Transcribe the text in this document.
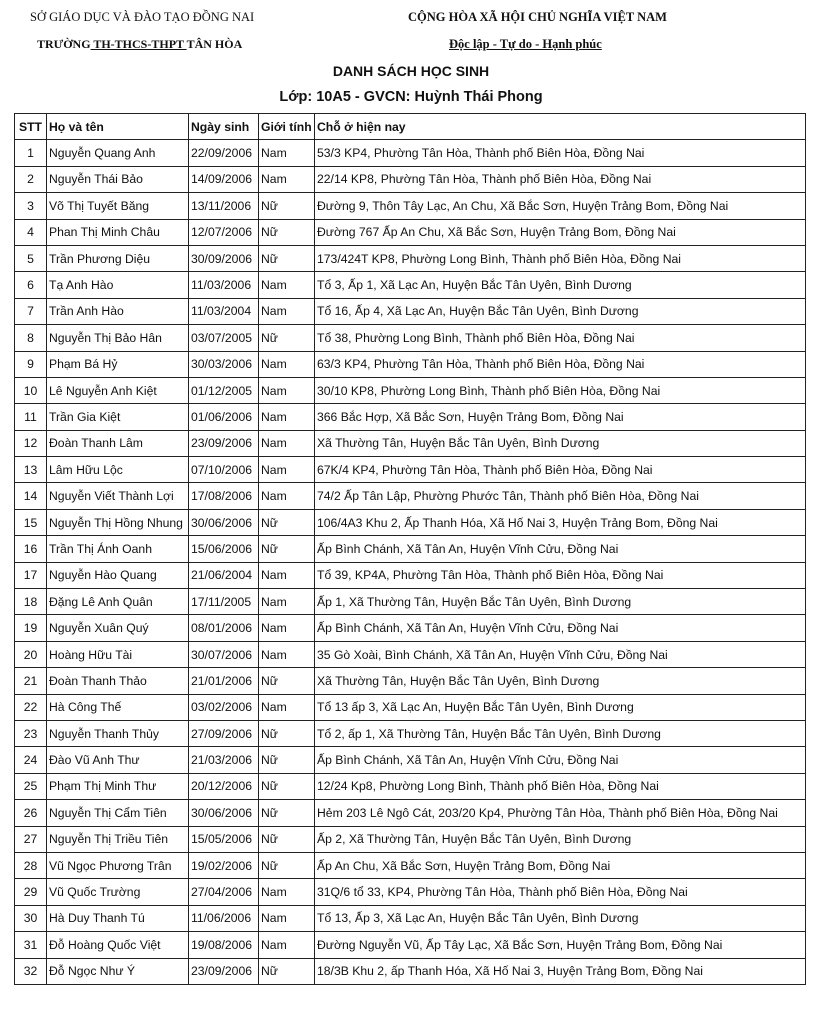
SỞ GIÁO DỤC VÀ ĐÀO TẠO ĐỒNG NAI
TRƯỜNG TH-THCS-THPT TÂN HÒA
CỘNG HÒA XÃ HỘI CHỦ NGHĨA VIỆT NAM
Độc lập - Tự do - Hạnh phúc
DANH SÁCH HỌC SINH
Lớp: 10A5 - GVCN: Huỳnh Thái Phong
STT	Họ và tên	Ngày sinh	Giới tính	Chỗ ở hiện nay
1	Nguyễn Quang Anh	22/09/2006	Nam	53/3 KP4, Phường Tân Hòa, Thành phố Biên Hòa, Đồng Nai
2	Nguyễn Thái Bảo	14/09/2006	Nam	22/14 KP8, Phường Tân Hòa, Thành phố Biên Hòa, Đồng Nai
3	Võ Thị Tuyết Băng	13/11/2006	Nữ	Đường 9, Thôn Tây Lạc, An Chu, Xã Bắc Sơn, Huyện Trảng Bom, Đồng Nai
4	Phan Thị Minh Châu	12/07/2006	Nữ	Đường 767 Ấp An Chu, Xã Bắc Sơn, Huyện Trảng Bom, Đồng Nai
5	Trần Phương Diệu	30/09/2006	Nữ	173/424T KP8, Phường Long Bình, Thành phố Biên Hòa, Đồng Nai
6	Tạ Anh Hào	11/03/2006	Nam	Tổ 3, Ấp 1, Xã Lạc An, Huyện Bắc Tân Uyên, Bình Dương
7	Trần Anh Hào	11/03/2004	Nam	Tổ 16, Ấp 4, Xã Lạc An, Huyện Bắc Tân Uyên, Bình Dương
8	Nguyễn Thị Bảo Hân	03/07/2005	Nữ	Tổ 38, Phường Long Bình, Thành phố Biên Hòa, Đồng Nai
9	Phạm Bá Hỷ	30/03/2006	Nam	63/3 KP4, Phường Tân Hòa, Thành phố Biên Hòa, Đồng Nai
10	Lê Nguyễn Anh Kiệt	01/12/2005	Nam	30/10 KP8, Phường Long Bình, Thành phố Biên Hòa, Đồng Nai
11	Trần Gia Kiệt	01/06/2006	Nam	366 Bắc Hợp, Xã Bắc Sơn, Huyện Trảng Bom, Đồng Nai
12	Đoàn Thanh Lâm	23/09/2006	Nam	Xã Thường Tân, Huyện Bắc Tân Uyên, Bình Dương
13	Lâm Hữu Lộc	07/10/2006	Nam	67K/4 KP4, Phường Tân Hòa, Thành phố Biên Hòa, Đồng Nai
14	Nguyễn Viết Thành Lợi	17/08/2006	Nam	74/2 Ấp Tân Lập, Phường Phước Tân, Thành phố Biên Hòa, Đồng Nai
15	Nguyễn Thị Hồng Nhung	30/06/2006	Nữ	106/4A3 Khu 2, Ấp Thanh Hóa, Xã Hố Nai 3, Huyện Trảng Bom, Đồng Nai
16	Trần Thị Ánh Oanh	15/06/2006	Nữ	Ấp Bình Chánh, Xã Tân An, Huyện Vĩnh Cửu, Đồng Nai
17	Nguyễn Hào Quang	21/06/2004	Nam	Tổ 39, KP4A, Phường Tân Hòa, Thành phố Biên Hòa, Đồng Nai
18	Đặng Lê Anh Quân	17/11/2005	Nam	Ấp 1, Xã Thường Tân, Huyện Bắc Tân Uyên, Bình Dương
19	Nguyễn Xuân Quý	08/01/2006	Nam	Ấp Bình Chánh, Xã Tân An, Huyện Vĩnh Cửu, Đồng Nai
20	Hoàng Hữu Tài	30/07/2006	Nam	35 Gò Xoài, Bình Chánh, Xã Tân An, Huyện Vĩnh Cửu, Đồng Nai
21	Đoàn Thanh Thảo	21/01/2006	Nữ	Xã Thường Tân, Huyện Bắc Tân Uyên, Bình Dương
22	Hà Công Thế	03/02/2006	Nam	Tổ 13 ấp 3, Xã Lạc An, Huyện Bắc Tân Uyên, Bình Dương
23	Nguyễn Thanh Thủy	27/09/2006	Nữ	Tổ 2, ấp 1, Xã Thường Tân, Huyện Bắc Tân Uyên, Bình Dương
24	Đào Vũ Anh Thư	21/03/2006	Nữ	Ấp Bình Chánh, Xã Tân An, Huyện Vĩnh Cửu, Đồng Nai
25	Phạm Thị Minh Thư	20/12/2006	Nữ	12/24 Kp8, Phường Long Bình, Thành phố Biên Hòa, Đồng Nai
26	Nguyễn Thị Cẩm Tiên	30/06/2006	Nữ	Hẻm 203 Lê Ngô Cát, 203/20 Kp4, Phường Tân Hòa, Thành phố Biên Hòa, Đồng Nai
27	Nguyễn Thị Triều Tiên	15/05/2006	Nữ	Ấp 2, Xã Thường Tân, Huyện Bắc Tân Uyên, Bình Dương
28	Vũ Ngọc Phương Trân	19/02/2006	Nữ	Ấp An Chu, Xã Bắc Sơn, Huyện Trảng Bom, Đồng Nai
29	Vũ Quốc Trường	27/04/2006	Nam	31Q/6 tổ 33, KP4, Phường Tân Hòa, Thành phố Biên Hòa, Đồng Nai
30	Hà Duy Thanh Tú	11/06/2006	Nam	Tổ 13, Ấp 3, Xã Lạc An, Huyện Bắc Tân Uyên, Bình Dương
31	Đỗ Hoàng Quốc Việt	19/08/2006	Nam	Đường Nguyễn Vũ, Ấp Tây Lạc, Xã Bắc Sơn, Huyện Trảng Bom, Đồng Nai
32	Đỗ Ngọc Như Ý	23/09/2006	Nữ	18/3B Khu 2, ấp Thanh Hóa, Xã Hố Nai 3, Huyện Trảng Bom, Đồng Nai
